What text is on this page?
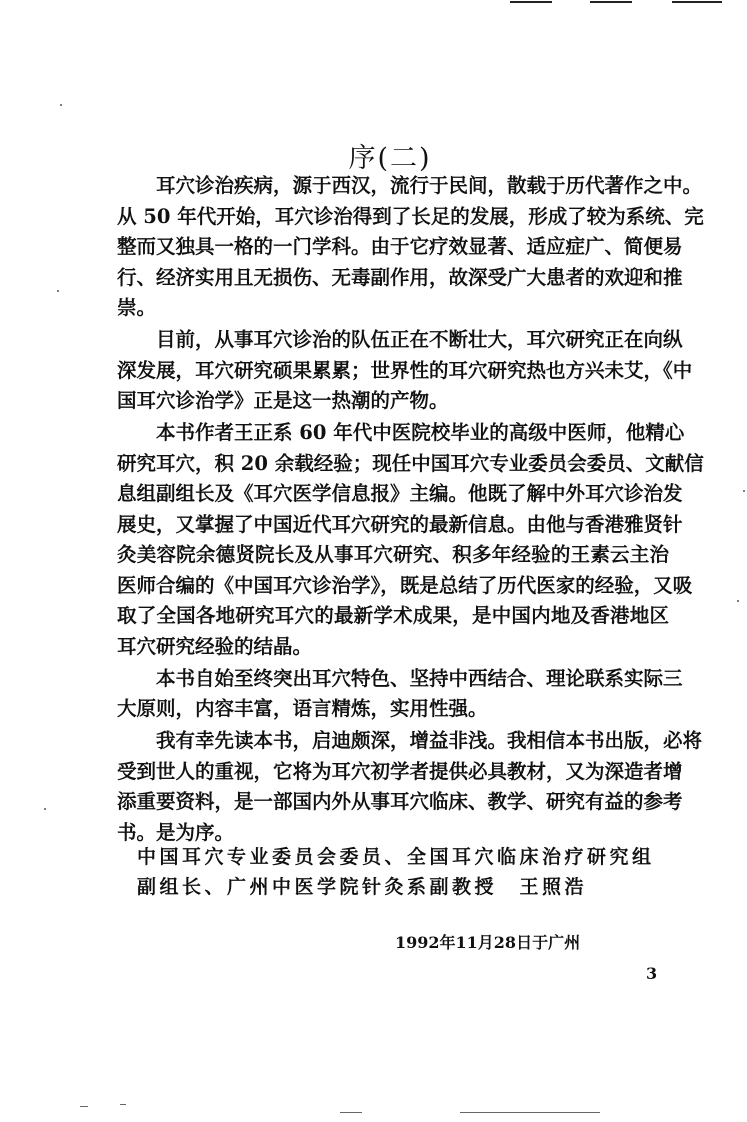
序(二)
耳穴诊治疾病，源于西汉，流行于民间，散载于历代著作之中。
从 50 年代开始，耳穴诊治得到了长足的发展，形成了较为系统、完
整而又独具一格的一门学科。由于它疗效显著、适应症广、简便易
行、经济实用且无损伤、无毒副作用，故深受广大患者的欢迎和推
崇。
目前，从事耳穴诊治的队伍正在不断壮大，耳穴研究正在向纵
深发展，耳穴研究硕果累累；世界性的耳穴研究热也方兴未艾，《中
国耳穴诊治学》正是这一热潮的产物。
本书作者王正系 60 年代中医院校毕业的高级中医师，他精心
研究耳穴，积 20 余载经验；现任中国耳穴专业委员会委员、文献信
息组副组长及《耳穴医学信息报》主编。他既了解中外耳穴诊治发
展史，又掌握了中国近代耳穴研究的最新信息。由他与香港雅贤针
灸美容院余德贤院长及从事耳穴研究、积多年经验的王素云主治
医师合编的《中国耳穴诊治学》，既是总结了历代医家的经验，又吸
取了全国各地研究耳穴的最新学术成果，是中国内地及香港地区
耳穴研究经验的结晶。
本书自始至终突出耳穴特色、坚持中西结合、理论联系实际三
大原则，内容丰富，语言精炼，实用性强。
我有幸先读本书，启迪颇深，增益非浅。我相信本书出版，必将
受到世人的重视，它将为耳穴初学者提供必具教材，又为深造者增
添重要资料，是一部国内外从事耳穴临床、教学、研究有益的参考
书。是为序。
中国耳穴专业委员会委员、全国耳穴临床治疗研究组
副组长、广州中医学院针灸系副教授　王照浩
1992年11月28日于广州
3
